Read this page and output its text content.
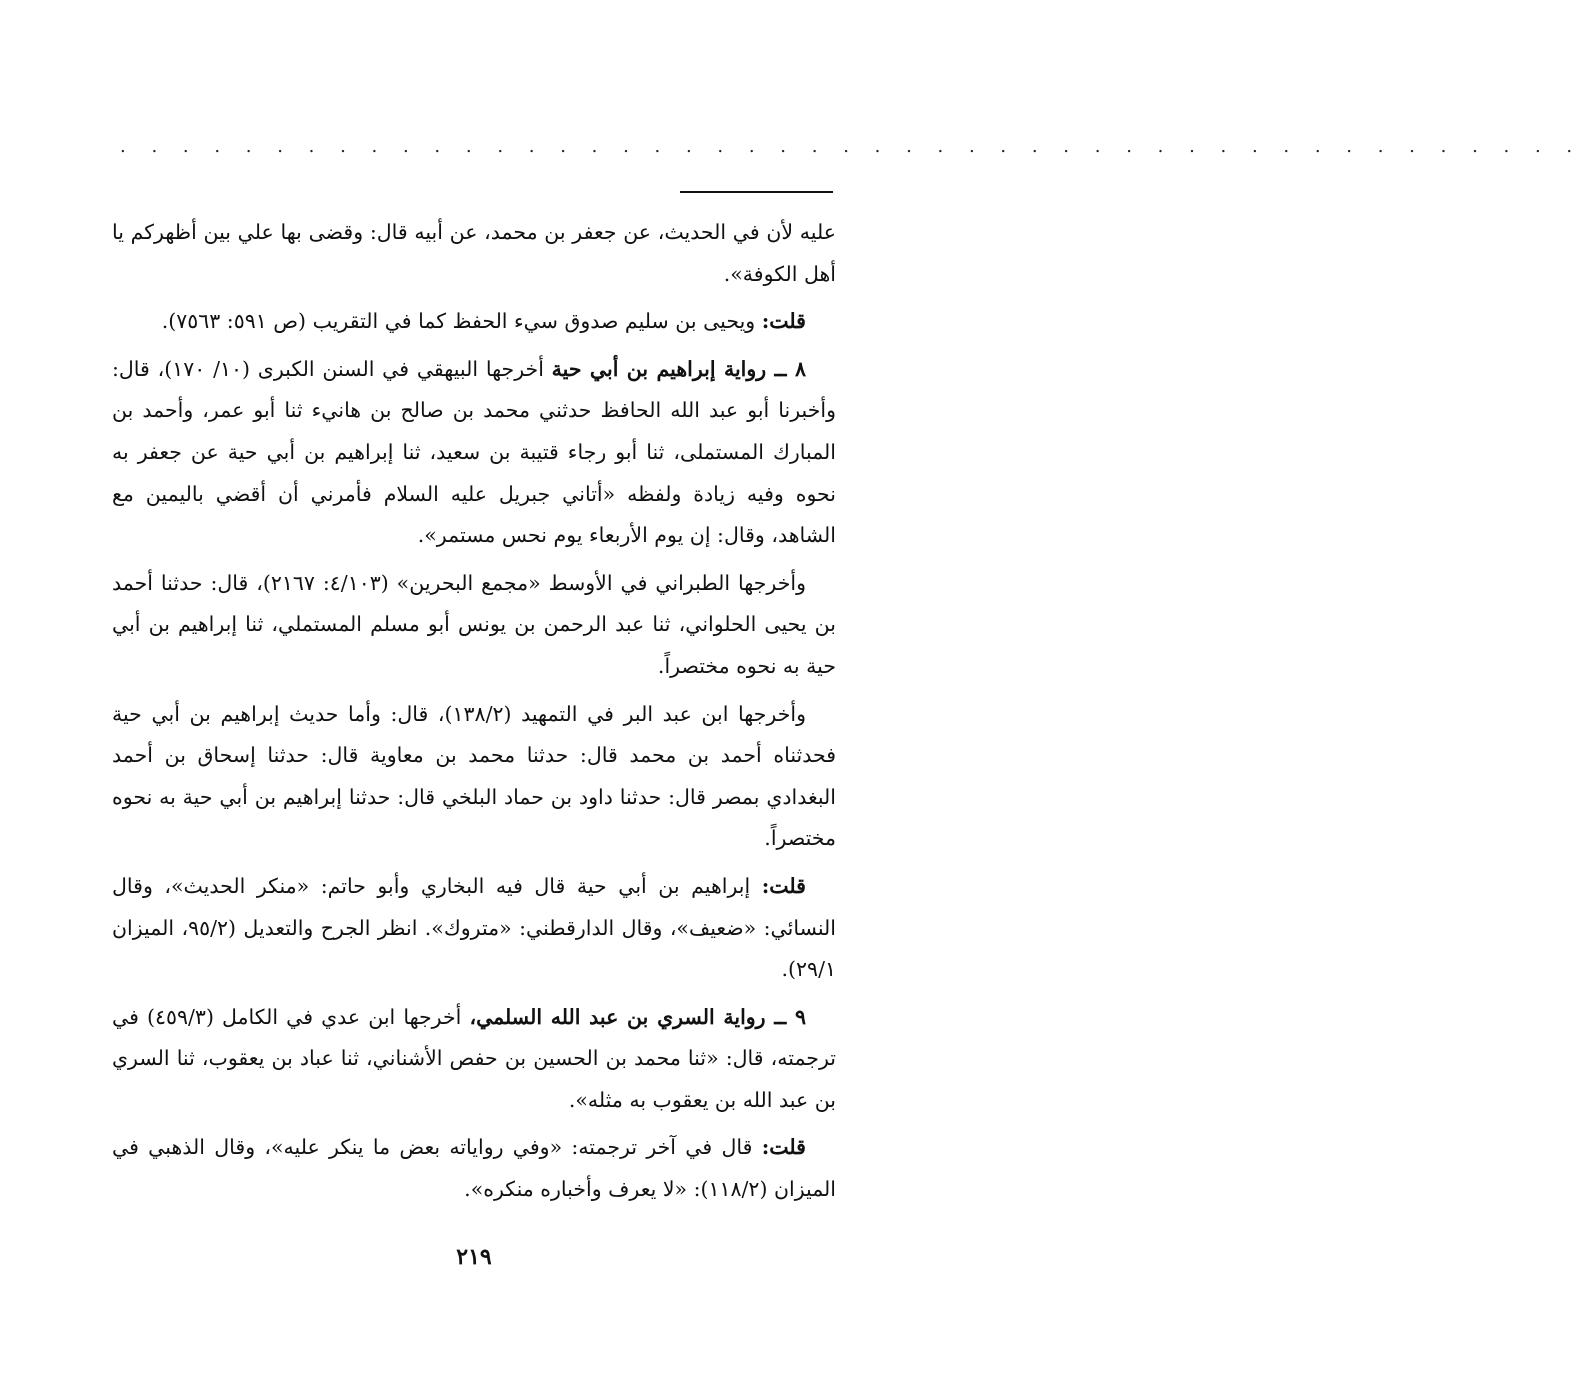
. . . . . . . . . . . . . . . . . . . . . . . . . . . . . . . . . . . . . . . . . . . . . . .

عليه لأن في الحديث، عن جعفر بن محمد، عن أبيه قال: وقضى بها علي بين أظهركم يا أهل الكوفة».

قلت: ويحيى بن سليم صدوق سيء الحفظ كما في التقريب (ص ٥٩١: ٧٥٦٣).

٨ ــ رواية إبراهيم بن أبي حية أخرجها البيهقي في السنن الكبرى (١٠/ ١٧٠)، قال: وأخبرنا أبو عبد الله الحافظ حدثني محمد بن صالح بن هانيء ثنا أبو عمر، وأحمد بن المبارك المستملى، ثنا أبو رجاء قتيبة بن سعيد، ثنا إبراهيم بن أبي حية عن جعفر به نحوه وفيه زيادة ولفظه «أتاني جبريل عليه السلام فأمرني أن أقضي باليمين مع الشاهد، وقال: إن يوم الأربعاء يوم نحس مستمر».

وأخرجها الطبراني في الأوسط «مجمع البحرين» (٤/١٠٣: ٢١٦٧)، قال: حدثنا أحمد بن يحيى الحلواني، ثنا عبد الرحمن بن يونس أبو مسلم المستملي، ثنا إبراهيم بن أبي حية به نحوه مختصراً.

وأخرجها ابن عبد البر في التمهيد (١٣٨/٢)، قال: وأما حديث إبراهيم بن أبي حية فحدثناه أحمد بن محمد قال: حدثنا محمد بن معاوية قال: حدثنا إسحاق بن أحمد البغدادي بمصر قال: حدثنا داود بن حماد البلخي قال: حدثنا إبراهيم بن أبي حية به نحوه مختصراً.

قلت: إبراهيم بن أبي حية قال فيه البخاري وأبو حاتم: «منكر الحديث»، وقال النسائي: «ضعيف»، وقال الدارقطني: «متروك». انظر الجرح والتعديل (٩٥/٢، الميزان ٢٩/١).

٩ ــ رواية السري بن عبد الله السلمي، أخرجها ابن عدي في الكامل (٤٥٩/٣) في ترجمته، قال: «ثنا محمد بن الحسين بن حفص الأشناني، ثنا عباد بن يعقوب، ثنا السري بن عبد الله بن يعقوب به مثله».

قلت: قال في آخر ترجمته: «وفي رواياته بعض ما ينكر عليه»، وقال الذهبي في الميزان (١١٨/٢): «لا يعرف وأخباره منكره».

٢١٩
